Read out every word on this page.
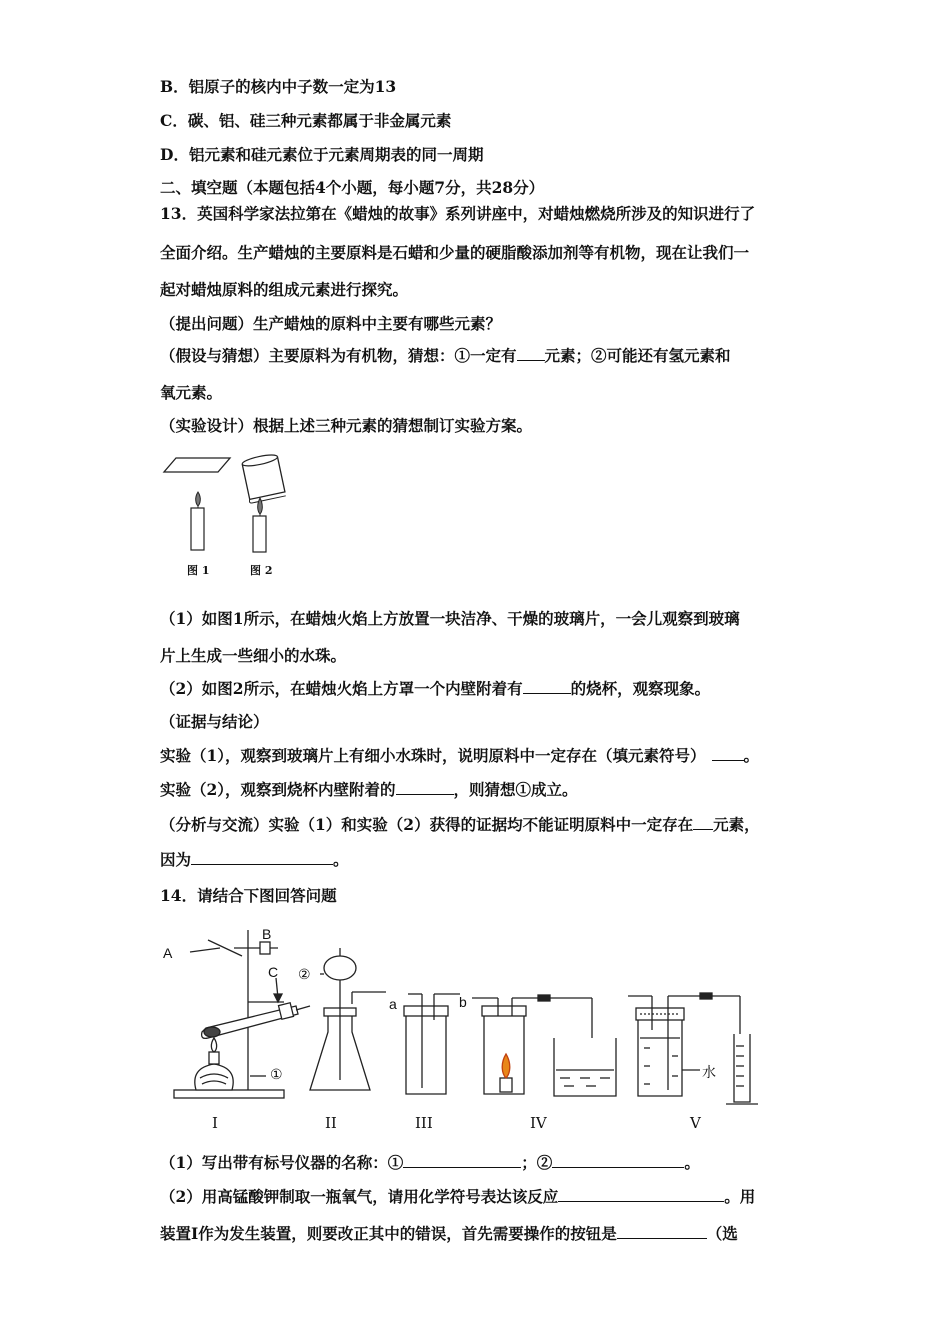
B．铝原子的核内中子数一定为13
C．碳、铝、硅三种元素都属于非金属元素
D．铝元素和硅元素位于元素周期表的同一周期
二、填空题（本题包括4个小题，每小题7分，共28分）
13．英国科学家法拉第在《蜡烛的故事》系列讲座中，对蜡烛燃烧所涉及的知识进行了
全面介绍。生产蜡烛的主要原料是石蜡和少量的硬脂酸添加剂等有机物，现在让我们一
起对蜡烛原料的组成元素进行探究。
（提出问题）生产蜡烛的原料中主要有哪些元素？
（假设与猜想）主要原料为有机物，猜想：①一定有 元素；②可能还有氢元素和
氧元素。
（实验设计）根据上述三种元素的猜想制订实验方案。
图 1	图 2
（1）如图1所示，在蜡烛火焰上方放置一块洁净、干燥的玻璃片，一会儿观察到玻璃
片上生成一些细小的水珠。
（2）如图2所示，在蜡烛火焰上方罩一个内壁附着有	的烧杯，观察现象。
（证据与结论）
实验（1），观察到玻璃片上有细小水珠时，说明原料中一定存在（填元素符号） 。
实验（2），观察到烧杯内壁附着的	，则猜想①成立。
（分析与交流）实验（1）和实验（2）获得的证据均不能证明原料中一定存在 元素，
因为	。
14．请结合下图回答问题
A
B
C
①
②
a	b
水
I	II	III	IV	V
（1）写出带有标号仪器的名称：①	；②	。
（2）用高锰酸钾制取一瓶氧气，请用化学符号表达该反应	。用
装置Ⅰ作为发生装置，则要改正其中的错误，首先需要操作的按钮是	（选
